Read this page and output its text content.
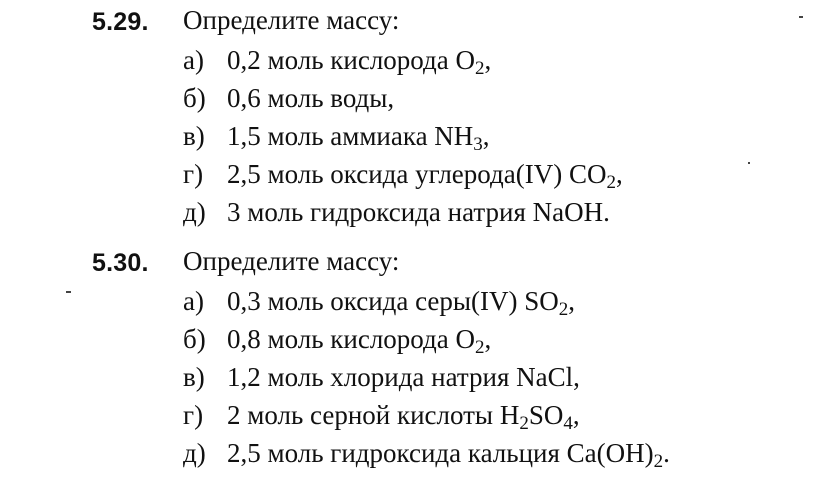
5.29. Определите массу:
а) 0,2 моль кислорода $O_2$,
б) 0,6 моль воды,
в) 1,5 моль аммиака $NH_3$,
г) 2,5 моль оксида углерода(IV) $CO_2$,
д) 3 моль гидроксида натрия NaOH.
5.30. Определите массу:
а) 0,3 моль оксида серы(IV) $SO_2$,
б) 0,8 моль кислорода $O_2$,
в) 1,2 моль хлорида натрия NaCl,
г) 2 моль серной кислоты $H_2SO_4$,
д) 2,5 моль гидроксида кальция $Ca(OH)_2$.
